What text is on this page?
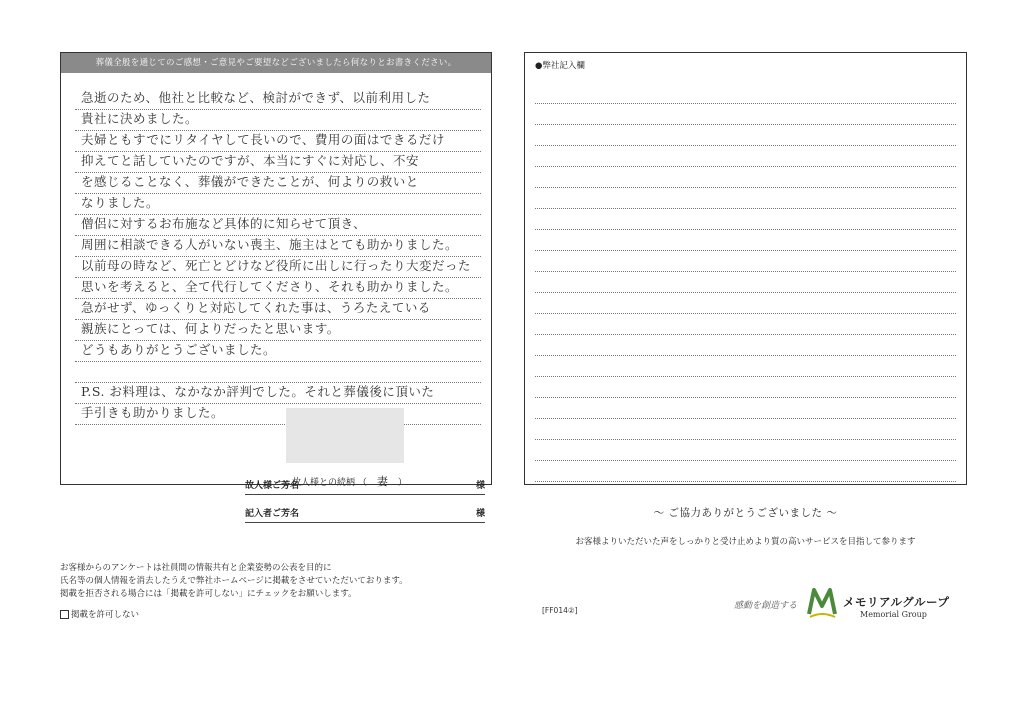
葬儀全般を通じてのご感想・ご意見やご要望などございましたら何なりとお書きください。
急逝のため、他社と比較など、検討ができず、以前利用した
貴社に決めました。
夫婦ともすでにリタイヤして長いので、費用の面はできるだけ
抑えてと話していたのですが、本当にすぐに対応し、不安
を感じることなく、葬儀ができたことが、何よりの救いと
なりました。
僧侶に対するお布施など具体的に知らせて頂き、
周囲に相談できる人がいない喪主、施主はとても助かりました。
以前母の時など、死亡とどけなど役所に出しに行ったり大変だった
思いを考えると、全て代行してくださり、それも助かりました。
急がせず、ゆっくりと対応してくれた事は、うろたえている
親族にとっては、何よりだったと思います。
どうもありがとうございました。
P.S. お料理は、なかなか評判でした。それと葬儀後に頂いた
手引きも助かりました。
故人様ご芳名	様
記入者ご芳名	様
故人様との続柄 （ 妻 ）
●弊社記入欄
〜 ご協力ありがとうございました 〜
お客様よりいただいた声をしっかりと受け止めより質の高いサービスを目指して参ります
お客様からのアンケートは社員間の情報共有と企業姿勢の公表を目的に
氏名等の個人情報を消去したうえで弊社ホームページに掲載をさせていただいております。
掲載を拒否される場合には「掲載を許可しない」にチェックをお願いします。
掲載を許可しない	[FF014②]	感動を創造する	メモリアルグループ
Memorial Group
